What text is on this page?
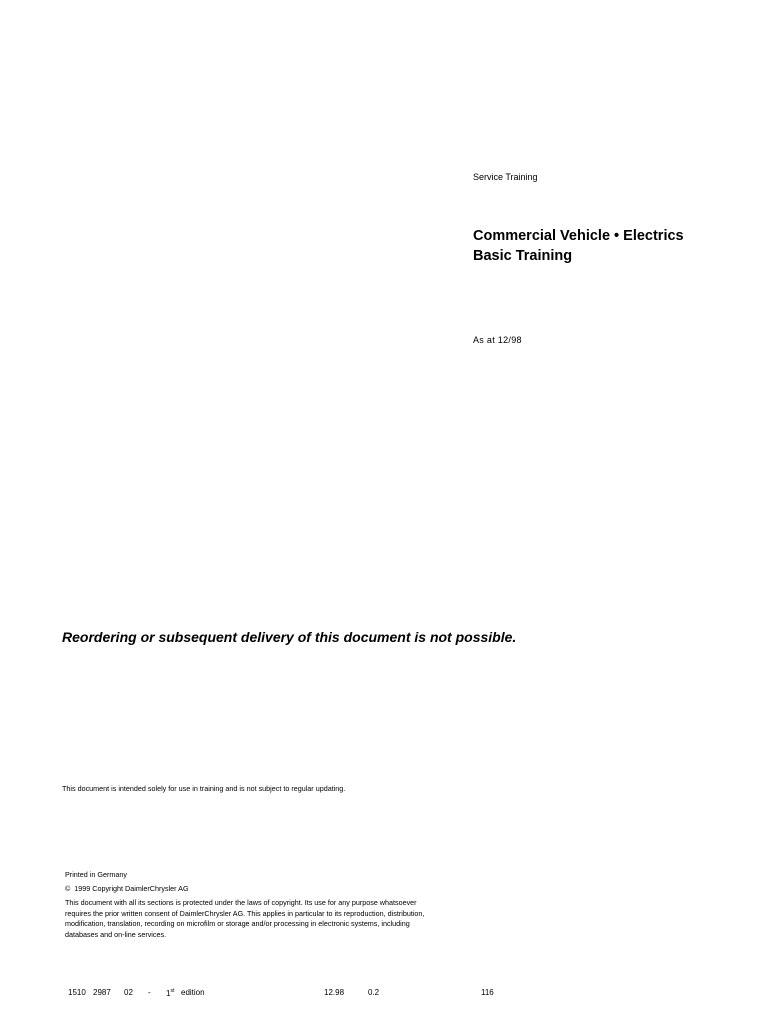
Service Training
Commercial Vehicle • Electrics
Basic Training
As at 12/98
Reordering or subsequent delivery of this document is not possible.
This document is intended solely for use in training and is not subject to regular updating.
Printed in Germany
© 1999 Copyright DaimlerChrysler AG
This document with all its sections is protected under the laws of copyright. Its use for any purpose whatsoever
requires the prior written consent of DaimlerChrysler AG. This applies in particular to its reproduction, distribution,
modification, translation, recording on microfilm or storage and/or processing in electronic systems, including
databases and on-line services.
1510 2987 02 - 1st edition	12.98	0.2	116
